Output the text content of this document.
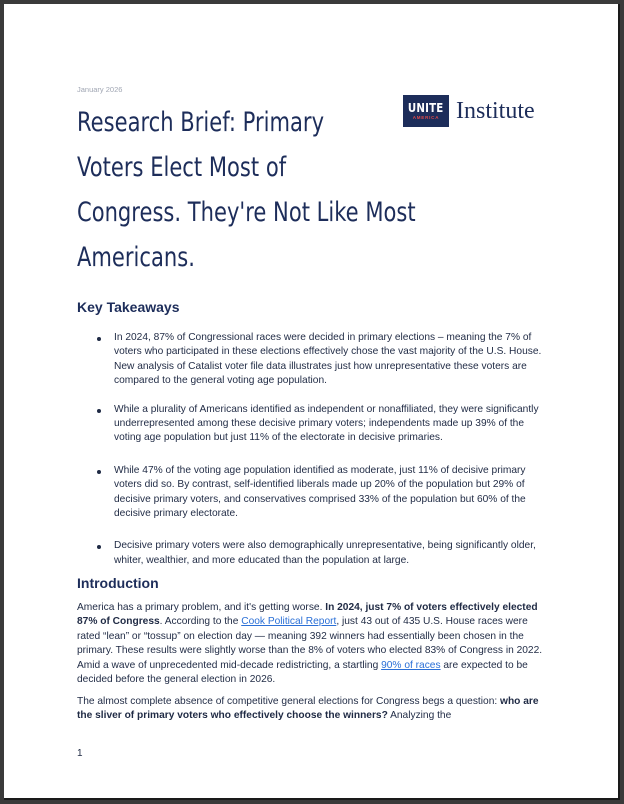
January 2026
Research Brief: Primary
Voters Elect Most of
Congress. They're Not Like Most
Americans.
UNITE
AMERICA Institute
Key Takeaways
In 2024, 87% of Congressional races were decided in primary elections – meaning the 7% of voters who participated in these elections effectively chose the vast majority of the U.S. House. New analysis of Catalist voter file data illustrates just how unrepresentative these voters are compared to the general voting age population.
While a plurality of Americans identified as independent or nonaffiliated, they were significantly underrepresented among these decisive primary voters; independents made up 39% of the voting age population but just 11% of the electorate in decisive primaries.
While 47% of the voting age population identified as moderate, just 11% of decisive primary voters did so. By contrast, self-identified liberals made up 20% of the population but 29% of decisive primary voters, and conservatives comprised 33% of the population but 60% of the decisive primary electorate.
Decisive primary voters were also demographically unrepresentative, being significantly older, whiter, wealthier, and more educated than the population at large.
Introduction

America has a primary problem, and it's getting worse. In 2024, just 7% of voters effectively elected 87% of Congress. According to the Cook Political Report, just 43 out of 435 U.S. House races were rated “lean” or “tossup” on election day — meaning 392 winners had essentially been chosen in the primary. These results were slightly worse than the 8% of voters who elected 83% of Congress in 2022. Amid a wave of unprecedented mid-decade redistricting, a startling 90% of races are expected to be decided before the general election in 2026.

The almost complete absence of competitive general elections for Congress begs a question: who are the sliver of primary voters who effectively choose the winners? Analyzing the

1
